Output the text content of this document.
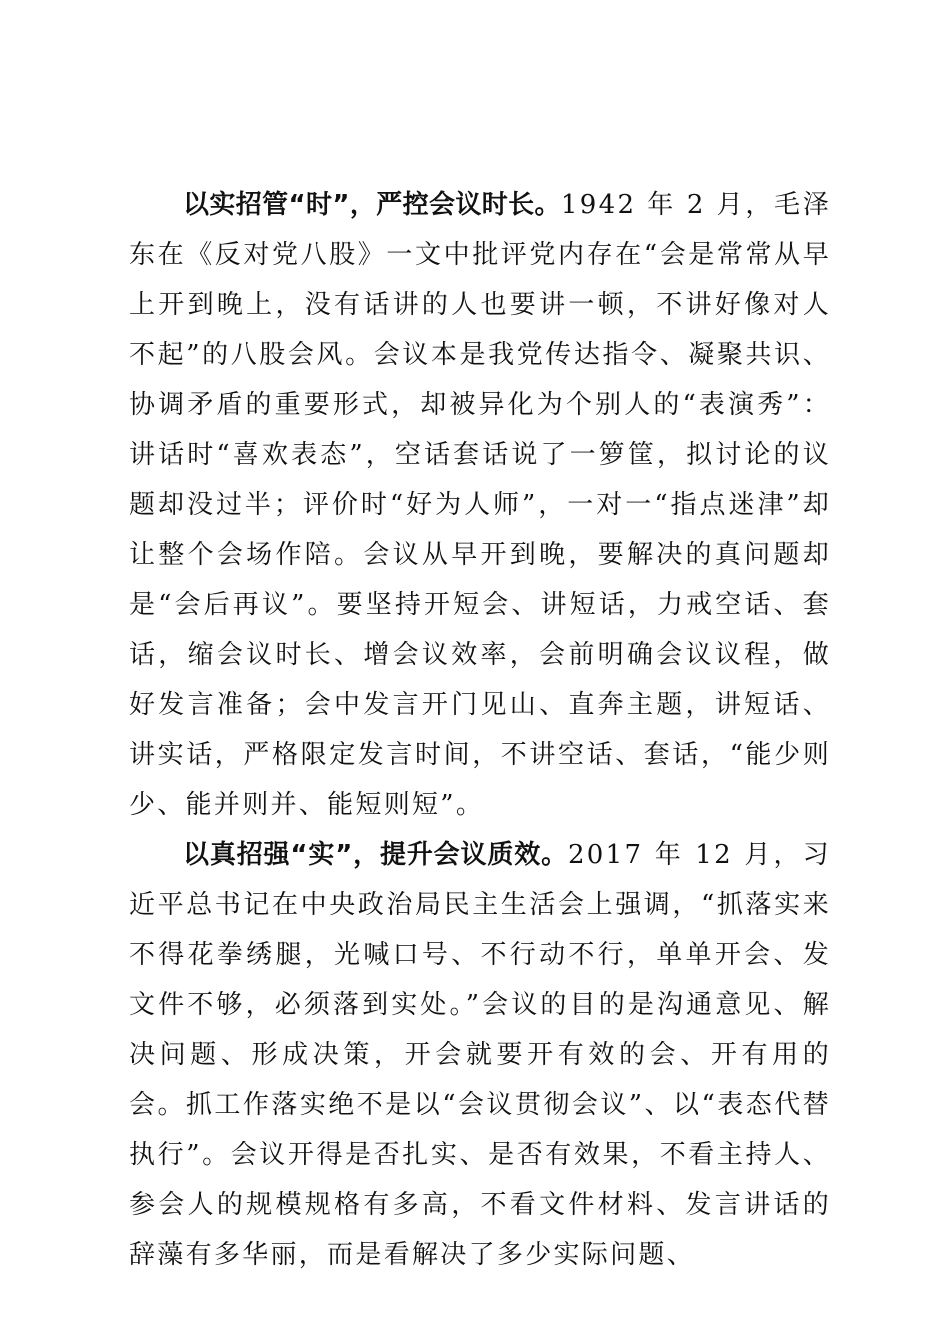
以实招管“时”，严控会议时长。1942 年 2 月，毛泽东在《反对党八股》一文中批评党内存在“会是常常从早上开到晚上，没有话讲的人也要讲一顿，不讲好像对人不起”的八股会风。会议本是我党传达指令、凝聚共识、协调矛盾的重要形式，却被异化为个别人的“表演秀”：讲话时“喜欢表态”，空话套话说了一箩筐，拟讨论的议题却没过半；评价时“好为人师”，一对一“指点迷津”却让整个会场作陪。会议从早开到晚，要解决的真问题却是“会后再议”。要坚持开短会、讲短话，力戒空话、套话，缩会议时长、增会议效率，会前明确会议议程，做好发言准备；会中发言开门见山、直奔主题，讲短话、讲实话，严格限定发言时间，不讲空话、套话，“能少则少、能并则并、能短则短”。

以真招强“实”，提升会议质效。2017 年 12 月，习近平总书记在中央政治局民主生活会上强调，“抓落实来不得花拳绣腿，光喊口号、不行动不行，单单开会、发文件不够，必须落到实处。”会议的目的是沟通意见、解决问题、形成决策，开会就要开有效的会、开有用的会。抓工作落实绝不是以“会议贯彻会议”、以“表态代替执行”。会议开得是否扎实、是否有效果，不看主持人、参会人的规模规格有多高，不看文件材料、发言讲话的辞藻有多华丽，而是看解决了多少实际问题、
